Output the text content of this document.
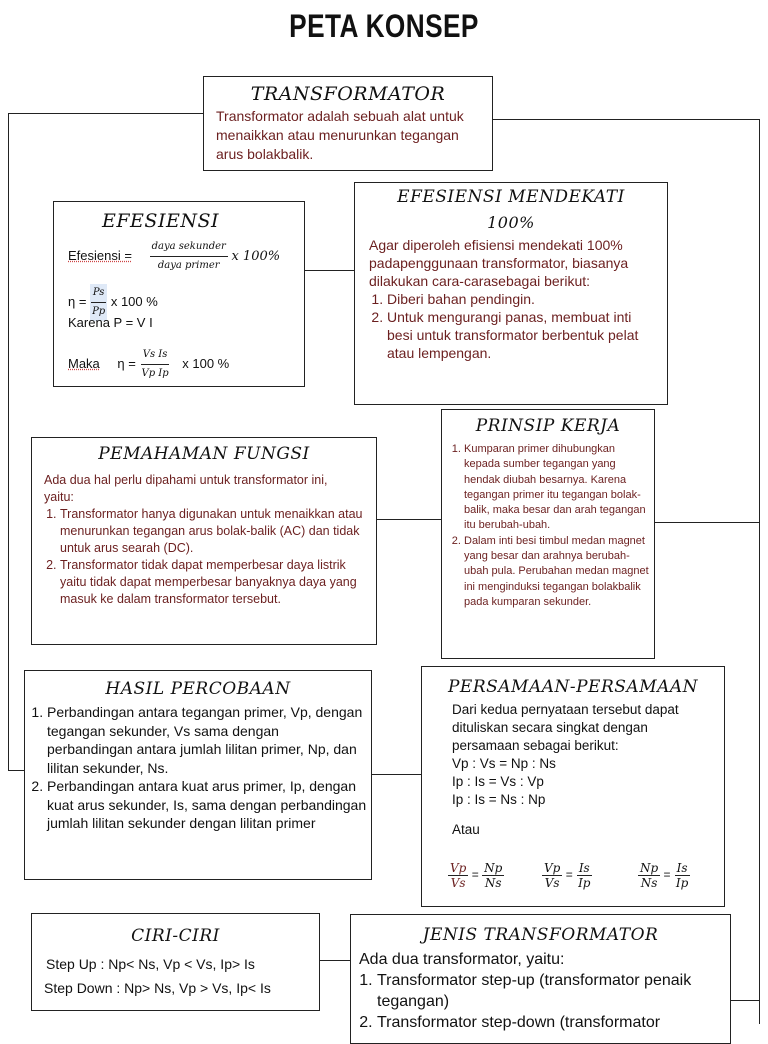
PETA KONSEP
TRANSFORMATOR
Transformator adalah sebuah alat untuk menaikkan atau menurunkan tegangan arus bolakbalik.
EFESIENSI
Efesiensi = $\frac{\text{daya sekunder}}{\text{daya primer}}$ x 100%
$\eta = \frac{Ps}{Pp}$ x 100 %
Karena P = V I
Maka $\eta = \frac{\text{Vs Is}}{\text{Vp Ip}}$ x 100 %
EFESIENSI MENDEKATI
100%
Agar diperoleh efisiensi mendekati 100% padapenggunaan transformator, biasanya dilakukan cara-carasebagai berikut:
1. Diberi bahan pendingin.
2. Untuk mengurangi panas, membuat inti besi untuk transformator berbentuk pelat atau lempengan.
PEMAHAMAN FUNGSI
Ada dua hal perlu dipahami untuk transformator ini, yaitu:
1. Transformator hanya digunakan untuk menaikkan atau menurunkan tegangan arus bolak-balik (AC) dan tidak untuk arus searah (DC).
2. Transformator tidak dapat memperbesar daya listrik yaitu tidak dapat memperbesar banyaknya daya yang masuk ke dalam transformator tersebut.
PRINSIP KERJA
1. Kumparan primer dihubungkan kepada sumber tegangan yang hendak diubah besarnya. Karena tegangan primer itu tegangan bolak-balik, maka besar dan arah tegangan itu berubah-ubah.
2. Dalam inti besi timbul medan magnet yang besar dan arahnya berubah-ubah pula. Perubahan medan magnet ini menginduksi tegangan bolakbalik pada kumparan sekunder.
HASIL PERCOBAAN
1. Perbandingan antara tegangan primer, Vp, dengan tegangan sekunder, Vs sama dengan perbandingan antara jumlah lilitan primer, Np, dan lilitan sekunder, Ns.
2. Perbandingan antara kuat arus primer, Ip, dengan kuat arus sekunder, Is, sama dengan perbandingan jumlah lilitan sekunder dengan lilitan primer
PERSAMAAN-PERSAMAAN
Dari kedua pernyataan tersebut dapat dituliskan secara singkat dengan persamaan sebagai berikut:
Vp : Vs = Np : Ns
Ip : Is = Vs : Vp
Ip : Is = Ns : Np
Atau
$\frac{Vp}{Vs} = \frac{Np}{Ns}$	$\frac{Vp}{Vs} = \frac{Is}{Ip}$	$\frac{Np}{Ns} = \frac{Is}{Ip}$
CIRI-CIRI
Step Up : Np< Ns, Vp < Vs, Ip> Is
Step Down : Np> Ns, Vp > Vs, Ip< Is
JENIS TRANSFORMATOR
Ada dua transformator, yaitu:
1. Transformator step-up (transformator penaik tegangan)
2. Transformator step-down (transformator
